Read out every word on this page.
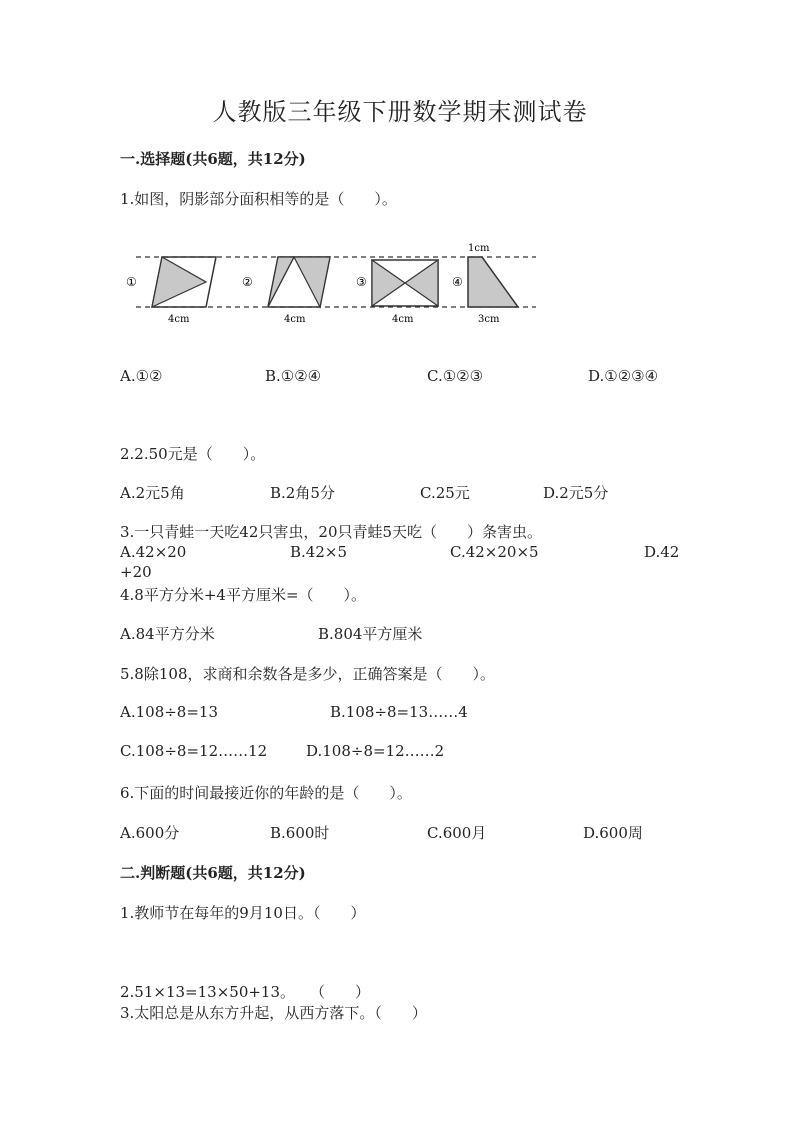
人教版三年级下册数学期末测试卷
一.选择题(共6题，共12分)
1.如图，阴影部分面积相等的是（　　）。
①	②	③	④
4cm	4cm	4cm	3cm
1cm
A.①②	B.①②④	C.①②③	D.①②③④
2.2.50元是（　　）。
A.2元5角	B.2角5分	C.25元	D.2元5分
3.一只青蛙一天吃42只害虫，20只青蛙5天吃（　　）条害虫。
A.42×20	B.42×5	C.42×20×5	D.42
+20
4.8平方分米+4平方厘米=（　　）。
A.84平方分米	B.804平方厘米
5.8除108，求商和余数各是多少，正确答案是（　　）。
A.108÷8=13	B.108÷8=13……4
C.108÷8=12……12	D.108÷8=12……2
6.下面的时间最接近你的年龄的是（　　）。
A.600分	B.600时	C.600月	D.600周
二.判断题(共6题，共12分)
1.教师节在每年的9月10日。（　　）
2.51×13=13×50+13。　　（　　）
3.太阳总是从东方升起，从西方落下。（　　）
